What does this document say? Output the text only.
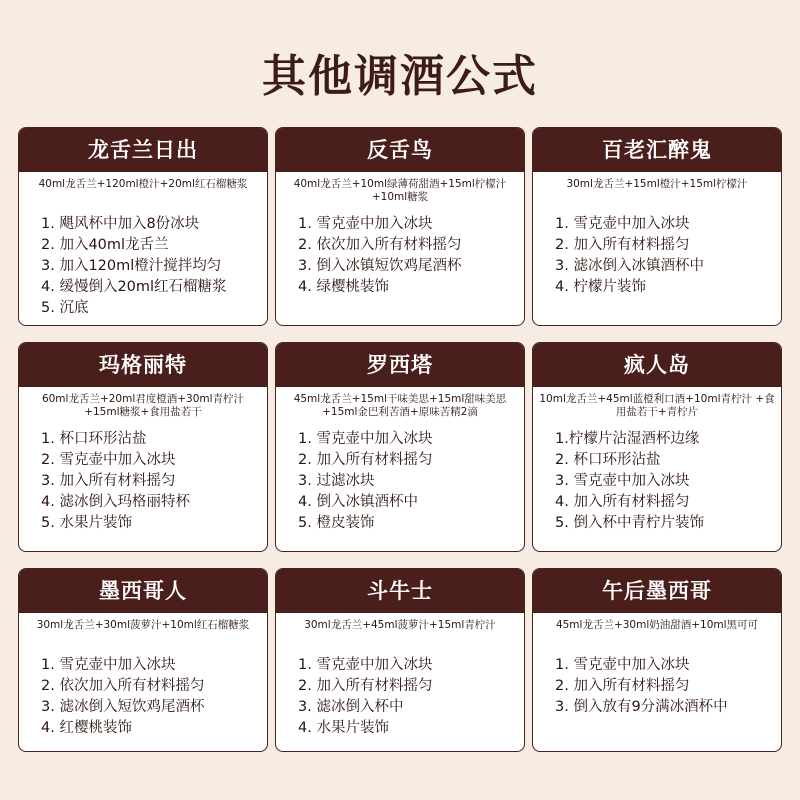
其他调酒公式
龙舌兰日出
40ml龙舌兰+120ml橙汁+20ml红石榴糖浆
1. 飓风杯中加入8份冰块
2. 加入40ml龙舌兰
3. 加入120ml橙汁搅拌均匀
4. 缓慢倒入20ml红石榴糖浆
5. 沉底
反舌鸟
40ml龙舌兰+10ml绿薄荷甜酒+15ml柠檬汁 +10ml糖浆
1. 雪克壶中加入冰块
2. 依次加入所有材料摇匀
3. 倒入冰镇短饮鸡尾酒杯
4. 绿樱桃装饰
百老汇醉鬼
30ml龙舌兰+15ml橙汁+15ml柠檬汁
1. 雪克壶中加入冰块
2. 加入所有材料摇匀
3. 滤冰倒入冰镇酒杯中
4. 柠檬片装饰
玛格丽特
60ml龙舌兰+20ml君度橙酒+30ml青柠汁 +15ml糖浆+食用盐若干
1. 杯口环形沾盐
2. 雪克壶中加入冰块
3. 加入所有材料摇匀
4. 滤冰倒入玛格丽特杯
5. 水果片装饰
罗西塔
45ml龙舌兰+15ml干味美思+15ml甜味美思 +15ml金巴利苦酒+原味苦精2滴
1. 雪克壶中加入冰块
2. 加入所有材料摇匀
3. 过滤冰块
4. 倒入冰镇酒杯中
5. 橙皮装饰
疯人岛
10ml龙舌兰+45ml蓝橙利口酒+10ml青柠汁 +食用盐若干+青柠片
1.柠檬片沾湿酒杯边缘
2. 杯口环形沾盐
3. 雪克壶中加入冰块
4. 加入所有材料摇匀
5. 倒入杯中青柠片装饰
墨西哥人
30ml龙舌兰+30ml菠萝汁+10ml红石榴糖浆
1. 雪克壶中加入冰块
2. 依次加入所有材料摇匀
3. 滤冰倒入短饮鸡尾酒杯
4. 红樱桃装饰
斗牛士
30ml龙舌兰+45ml菠萝汁+15ml青柠汁
1. 雪克壶中加入冰块
2. 加入所有材料摇匀
3. 滤冰倒入杯中
4. 水果片装饰
午后墨西哥
45ml龙舌兰+30ml奶油甜酒+10ml黑可可
1. 雪克壶中加入冰块
2. 加入所有材料摇匀
3. 倒入放有9分满冰酒杯中
